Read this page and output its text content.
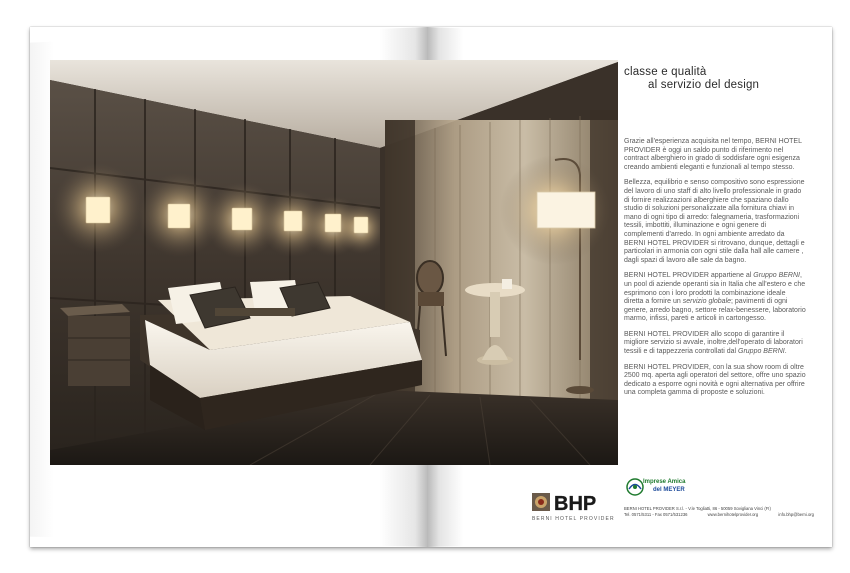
classe e qualità
al servizio del design

Grazie all'esperienza acquisita nel tempo, BERNI HOTEL PROVIDER è oggi un saldo punto di riferimento nel contract alberghiero in grado di soddisfare ogni esigenza creando ambienti eleganti e funzionali al tempo stesso.

Bellezza, equilibrio e senso compositivo sono espressione del lavoro di uno staff di alto livello professionale in grado di fornire realizzazioni alberghiere che spaziano dallo studio di soluzioni personalizzate alla fornitura chiavi in mano di ogni tipo di arredo: falegnameria, trasformazioni tessili, imbottiti, illuminazione e ogni genere di complementi d'arredo. In ogni ambiente arredato da BERNI HOTEL PROVIDER si ritrovano, dunque, dettagli e particolari in armonia con ogni stile dalla hall alle camere , dagli spazi di lavoro alle sale da bagno.

BERNI HOTEL PROVIDER appartiene al Gruppo BERNI, un pool di aziende operanti sia in Italia che all'estero e che esprimono con i loro prodotti la combinazione ideale diretta a fornire un servizio globale; pavimenti di ogni genere, arredo bagno, settore relax-benessere, laboratorio marmo, infissi, pareti e articoli in cartongesso.

BERNI HOTEL PROVIDER allo scopo di garantire il migliore servizio si avvale, inoltre,dell'operato di laboratori tessili e di tappezzeria controllati dal Gruppo BERNI.

BERNI HOTEL PROVIDER, con la sua show room di oltre 2500 mq. aperta agli operatori del settore, offre uno spazio dedicato a esporre ogni novità e ogni alternativa per offrire una completa gamma di proposte e soluzioni.

BHP
BERNI HOTEL PROVIDER
Imprese Amica
del MEYER
BERNI HOTEL PROVIDER S.r.l. - V.le Togliatti, 86 - 50059 Sovigliana Vinci (FI)
Tel. 0571/5311 - Fax 0571/531236	www.bernihotelprovider.org	info.bhp@berni.org
